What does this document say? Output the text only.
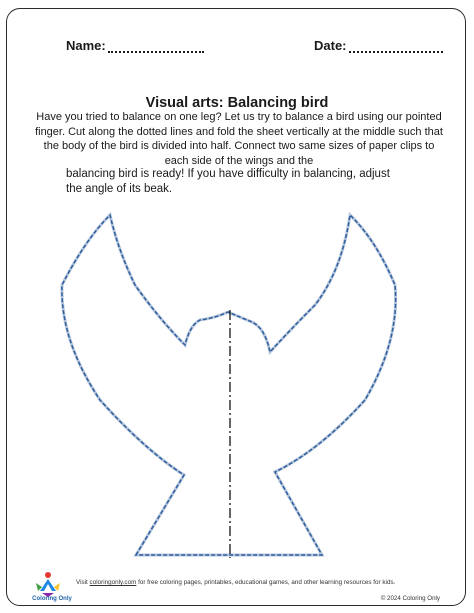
Name:	Date:
Visual arts: Balancing bird
Have you tried to balance on one leg? Let us try to balance a bird using our pointed finger. Cut along the dotted lines and fold the sheet vertically at the middle such that the body of the bird is divided into half. Connect two same sizes of paper clips to each side of the wings and the
balancing bird is ready! If you have difficulty in balancing, adjust the angle of its beak.
Coloring Only
Visit coloringonly.com for free coloring pages, printables, educational games, and other learning resources for kids.
© 2024 Coloring Only
